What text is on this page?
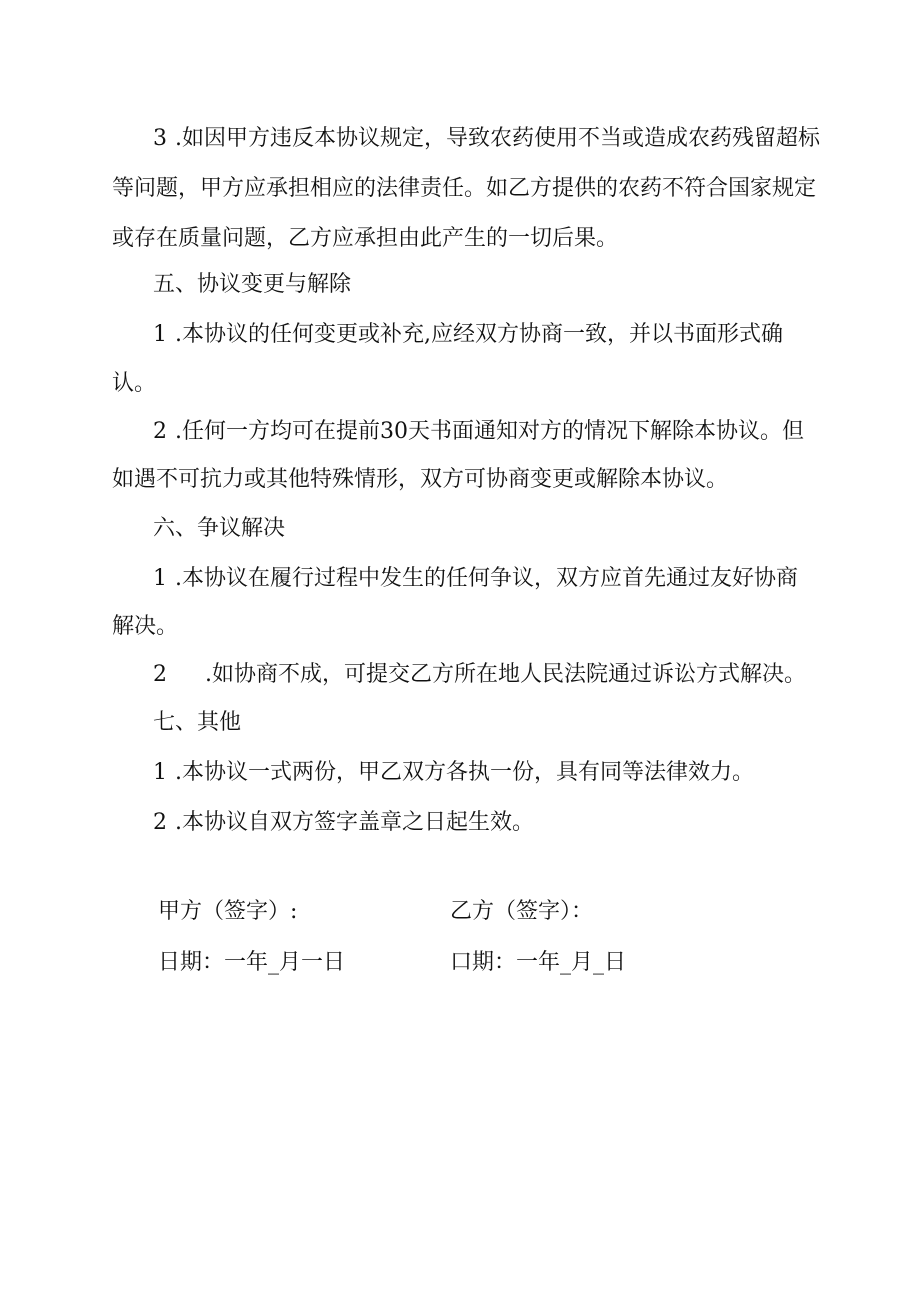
3 .如因甲方违反本协议规定，导致农药使用不当或造成农药残留超标
等问题，甲方应承担相应的法律责任。如乙方提供的农药不符合国家规定
或存在质量问题，乙方应承担由此产生的一切后果。
五、协议变更与解除
1 .本协议的任何变更或补充,应经双方协商一致，并以书面形式确
认。
2 .任何一方均可在提前30天书面通知对方的情况下解除本协议。但
如遇不可抗力或其他特殊情形，双方可协商变更或解除本协议。
六、争议解决
1 .本协议在履行过程中发生的任何争议，双方应首先通过友好协商
解决。
2 .如协商不成，可提交乙方所在地人民法院通过诉讼方式解决。
七、其他
1 .本协议一式两份，甲乙双方各执一份，具有同等法律效力。
2 .本协议自双方签字盖章之日起生效。
甲方（签字）:	乙方（签字）：
日期：一年_月一日	口期：一年_月_日
